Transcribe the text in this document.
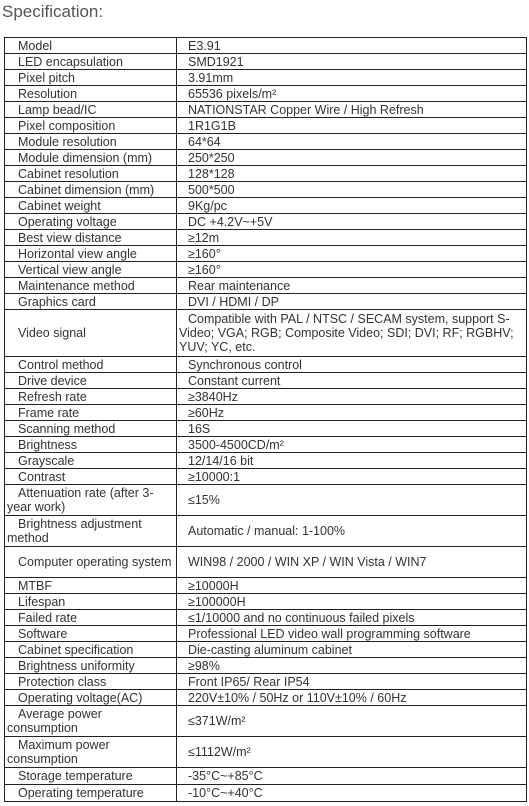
Specification:
Model	E3.91

LED encapsulation	SMD1921

Pixel pitch	3.91mm

Resolution	65536 pixels/m²

Lamp bead/IC	NATIONSTAR Copper Wire / High Refresh

Pixel composition	1R1G1B

Module resolution	64*64

Module dimension (mm)	250*250

Cabinet resolution	128*128

Cabinet dimension (mm)	500*500

Cabinet weight	9Kg/pc

Operating voltage	DC +4.2V~+5V

Best view distance	≥12m

Horizontal view angle	≥160°

Vertical view angle	≥160°

Maintenance method	Rear maintenance

Graphics card	DVI / HDMI / DP

Video signal	Compatible with PAL / NTSC / SECAM system, support S-Video; VGA; RGB; Composite Video; SDI; DVI; RF; RGBHV; YUV; YC, etc.

Control method	Synchronous control

Drive device	Constant current

Refresh rate	≥3840Hz

Frame rate	≥60Hz

Scanning method	16S

Brightness	3500-4500CD/m²

Grayscale	12/14/16 bit

Contrast	≥10000:1

Attenuation rate (after 3-year work)	≤15%

Brightness adjustment method	Automatic / manual: 1-100%

Computer operating system	WIN98 / 2000 / WIN XP / WIN Vista / WIN7

MTBF	≥10000H

Lifespan	≥100000H

Failed rate	≤1/10000 and no continuous failed pixels

Software	Professional LED video wall programming software

Cabinet specification	Die-casting aluminum cabinet

Brightness uniformity	≥98%

Protection class	Front IP65/ Rear IP54

Operating voltage(AC)	220V±10% / 50Hz or 110V±10% / 60Hz

Average power consumption	≤371W/m²

Maximum power consumption	≤1112W/m²

Storage temperature	-35°C~+85°C

Operating temperature	-10°C~+40°C
